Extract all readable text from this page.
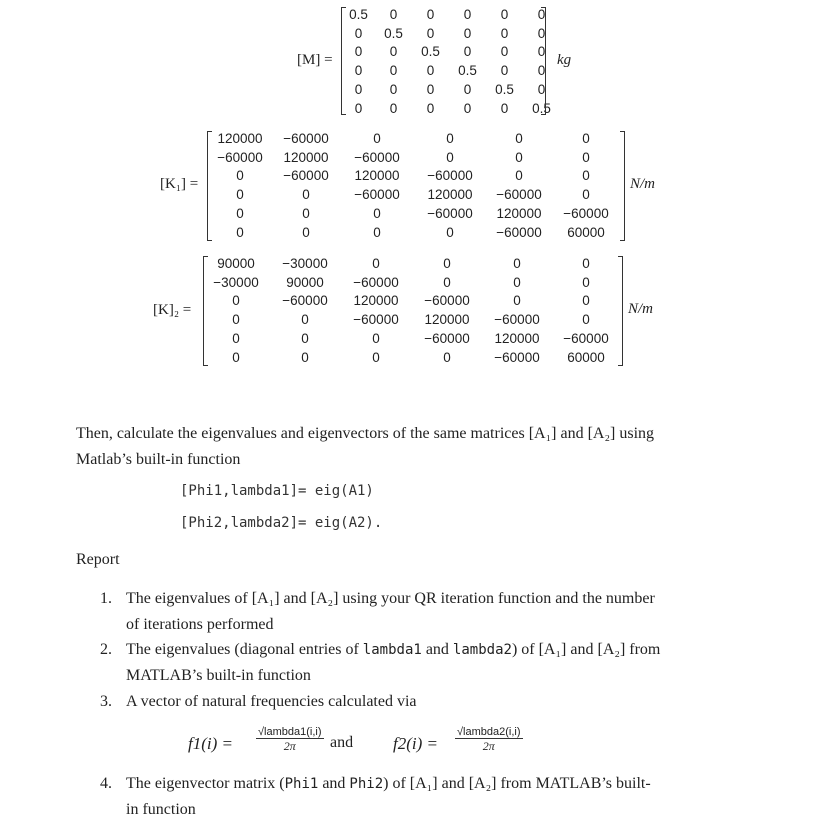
[M] =
0.5	0	0	0	0	0
0	0.5	0	0	0	0
0	0	0.5	0	0	0
0	0	0	0.5	0	0
0	0	0	0	0.5	0
0	0	0	0	0	0.5
kg
[K₁] =
120000	−60000	0	0	0	0
−60000	120000	−60000	0	0	0
0	−60000	120000	−60000	0	0
0	0	−60000	120000	−60000	0
0	0	0	−60000	120000	−60000
0	0	0	0	−60000	60000
N/m
[K]₂ =
90000	−30000	0	0	0	0
−30000	90000	−60000	0	0	0
0	−60000	120000	−60000	0	0
0	0	−60000	120000	−60000	0
0	0	0	−60000	120000	−60000
0	0	0	0	−60000	60000
N/m
Then, calculate the eigenvalues and eigenvectors of the same matrices [A₁] and [A₂] using
Matlab’s built-in function
[Phi1,lambda1]= eig(A1)
[Phi2,lambda2]= eig(A2).
Report
1. The eigenvalues of [A₁] and [A₂] using your QR iteration function and the number
of iterations performed
2. The eigenvalues (diagonal entries of lambda1 and lambda2) of [A₁] and [A₂] from
MATLAB’s built-in function
3. A vector of natural frequencies calculated via
f1(i) =
√lambda1(i,i)
2π	and f2(i) =
√lambda2(i,i)
2π
4. The eigenvector matrix (Phi1 and Phi2) of [A₁] and [A₂] from MATLAB’s built-
in function
